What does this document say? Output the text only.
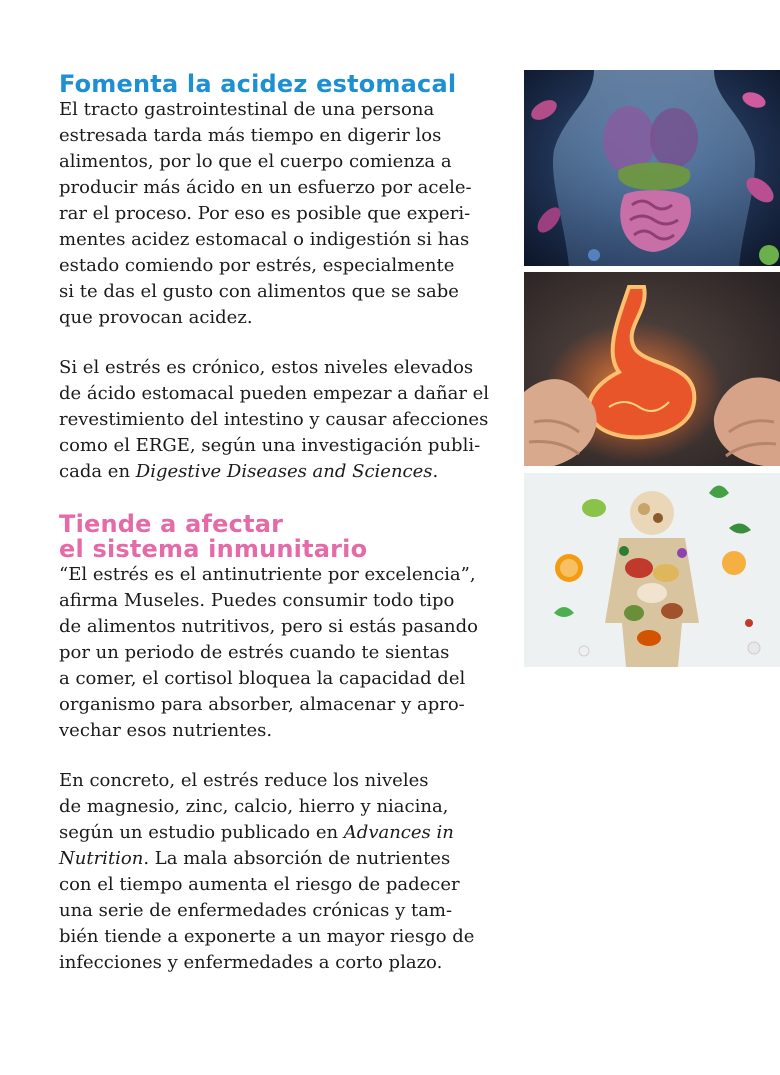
Fomenta la acidez estomacal

El tracto gastrointestinal de una persona
estresada tarda más tiempo en digerir los
alimentos, por lo que el cuerpo comienza a
producir más ácido en un esfuerzo por acele-
rar el proceso. Por eso es posible que experi-
mentes acidez estomacal o indigestión si has
estado comiendo por estrés, especialmente
si te das el gusto con alimentos que se sabe
que provocan acidez.

Si el estrés es crónico, estos niveles elevados
de ácido estomacal pueden empezar a dañar el
revestimiento del intestino y causar afecciones
como el ERGE, según una investigación publi-
cada en Digestive Diseases and Sciences.

Tiende a afectar
el sistema inmunitario

“El estrés es el antinutriente por excelencia”,
afirma Museles. Puedes consumir todo tipo
de alimentos nutritivos, pero si estás pasando
por un periodo de estrés cuando te sientas
a comer, el cortisol bloquea la capacidad del
organismo para absorber, almacenar y apro-
vechar esos nutrientes.

En concreto, el estrés reduce los niveles
de magnesio, zinc, calcio, hierro y niacina,
según un estudio publicado en Advances in
Nutrition. La mala absorción de nutrientes
con el tiempo aumenta el riesgo de padecer
una serie de enfermedades crónicas y tam-
bién tiende a exponerte a un mayor riesgo de
infecciones y enfermedades a corto plazo.
